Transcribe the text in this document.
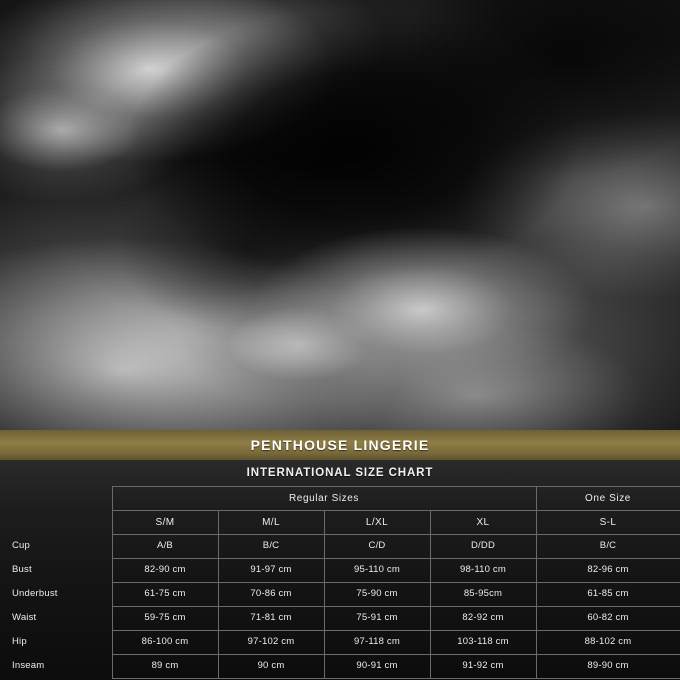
PENTHOUSE LINGERIE
INTERNATIONAL SIZE CHART
	Regular Sizes				One Size
	S/M	M/L	L/XL	XL	S-L
Cup	A/B	B/C	C/D	D/DD	B/C
Bust	82-90 cm	91-97 cm	95-110 cm	98-110 cm	82-96 cm
Underbust	61-75 cm	70-86 cm	75-90 cm	85-95cm	61-85 cm
Waist	59-75 cm	71-81 cm	75-91 cm	82-92 cm	60-82 cm
Hip	86-100 cm	97-102 cm	97-118 cm	103-118 cm	88-102 cm
Inseam	89 cm	90 cm	90-91 cm	91-92 cm	89-90 cm
